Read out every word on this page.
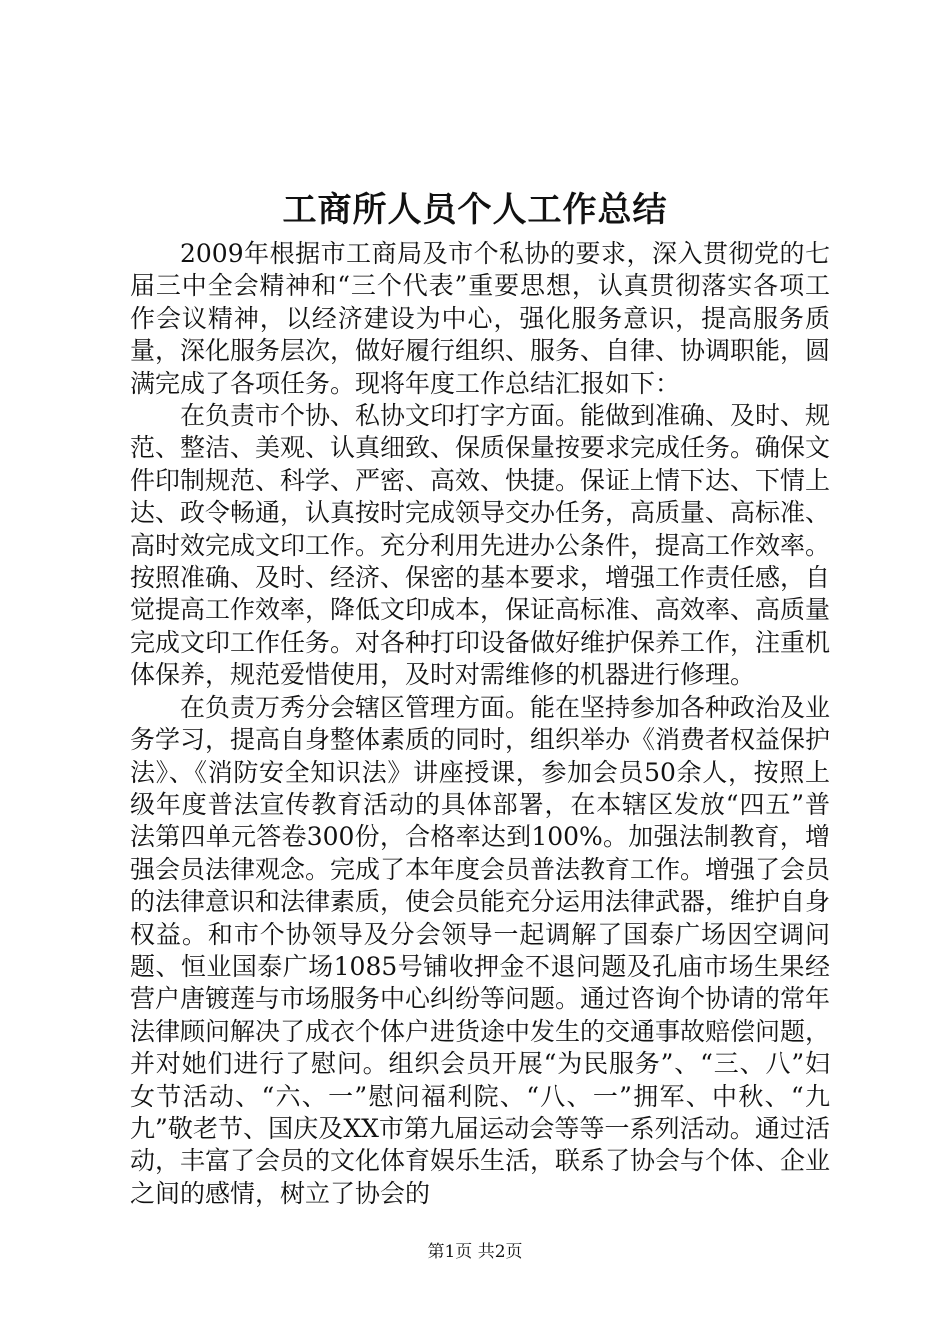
工商所人员个人工作总结

2009年根据市工商局及市个私协的要求，深入贯彻党的七届三中全会精神和“三个代表”重要思想，认真贯彻落实各项工作会议精神，以经济建设为中心，强化服务意识，提高服务质量，深化服务层次，做好履行组织、服务、自律、协调职能，圆满完成了各项任务。现将年度工作总结汇报如下：

在负责市个协、私协文印打字方面。能做到准确、及时、规范、整洁、美观、认真细致、保质保量按要求完成任务。确保文件印制规范、科学、严密、高效、快捷。保证上情下达、下情上达、政令畅通，认真按时完成领导交办任务，高质量、高标准、高时效完成文印工作。充分利用先进办公条件，提高工作效率。按照准确、及时、经济、保密的基本要求，增强工作责任感，自觉提高工作效率，降低文印成本，保证高标准、高效率、高质量完成文印工作任务。对各种打印设备做好维护保养工作，注重机体保养，规范爱惜使用，及时对需维修的机器进行修理。

在负责万秀分会辖区管理方面。能在坚持参加各种政治及业务学习，提高自身整体素质的同时，组织举办《消费者权益保护法》、《消防安全知识法》讲座授课，参加会员50余人，按照上级年度普法宣传教育活动的具体部署，在本辖区发放“四五”普法第四单元答卷300份，合格率达到100%。加强法制教育，增强会员法律观念。完成了本年度会员普法教育工作。增强了会员的法律意识和法律素质，使会员能充分运用法律武器，维护自身权益。和市个协领导及分会领导一起调解了国泰广场因空调问题、恒业国泰广场1085号铺收押金不退问题及孔庙市场生果经营户唐镀莲与市场服务中心纠纷等问题。通过咨询个协请的常年法律顾问解决了成衣个体户进货途中发生的交通事故赔偿问题，并对她们进行了慰问。组织会员开展“为民服务”、“三、八”妇女节活动、“六、一”慰问福利院、“八、一”拥军、中秋、“九九”敬老节、国庆及XX市第九届运动会等等一系列活动。通过活动，丰富了会员的文化体育娱乐生活，联系了协会与个体、企业之间的感情，树立了协会的

第1页 共2页
